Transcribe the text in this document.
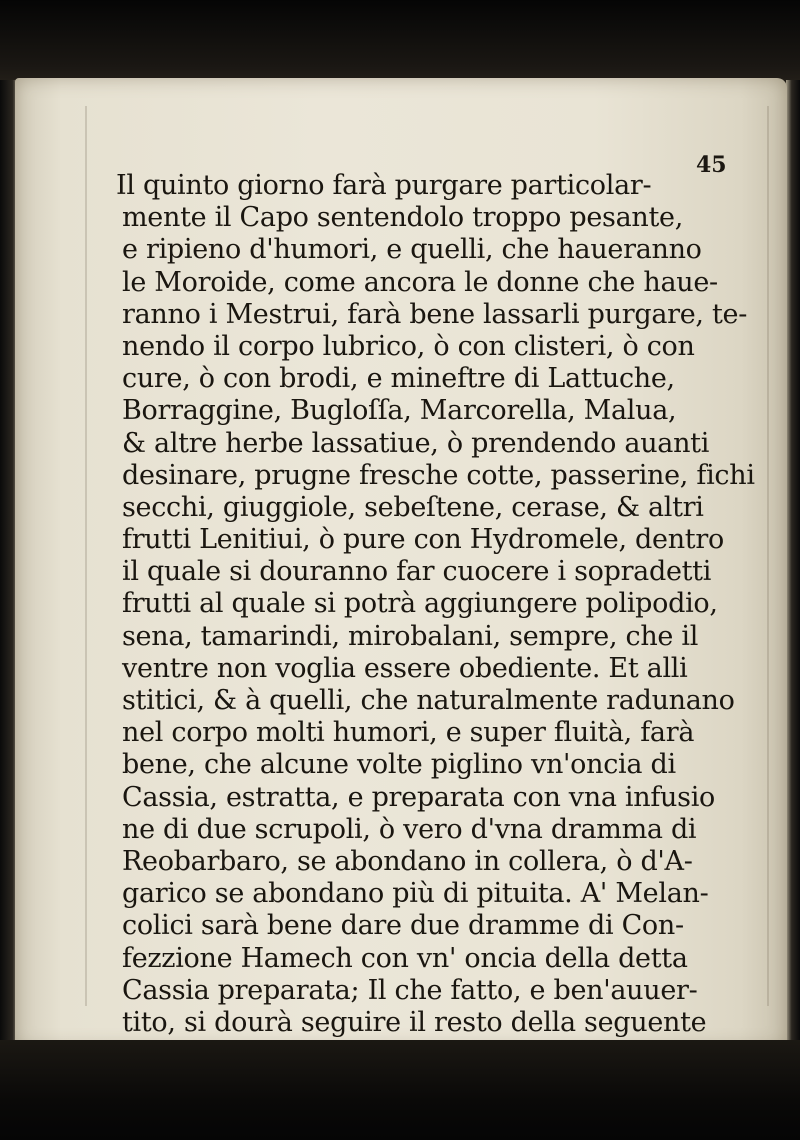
45
Il quinto giorno farà purgare particolar-
mente il Capo sentendolo troppo pesante,
e ripieno d'humori, e quelli, che haueranno
le Moroide, come ancora le donne che haue-
ranno i Mestrui, farà bene lassarli purgare, te-
nendo il corpo lubrico, ò con clisteri, ò con
cure, ò con brodi, e mineftre di Lattuche,
Borraggine, Bugloſſa, Marcorella, Malua,
& altre herbe lassatiue, ò prendendo auanti
desinare, prugne fresche cotte, passerine, fichi
secchi, giuggiole, sebeſtene, cerase, & altri
frutti Lenitiui, ò pure con Hydromele, dentro
il quale si douranno far cuocere i sopradetti
frutti al quale si potrà aggiungere polipodio,
sena, tamarindi, mirobalani, sempre, che il
ventre non voglia essere obediente. Et alli
stitici, & à quelli, che naturalmente radunano
nel corpo molti humori, e super fluità, farà
bene, che alcune volte piglino vn'oncia di
Cassia, estratta, e preparata con vna infusio
ne di due scrupoli, ò vero d'vna dramma di
Reobarbaro, se abondano in collera, ò d'A-
garico se abondano più di pituita. A' Melan-
colici sarà bene dare due dramme di Con-
fezzione Hamech con vn' oncia della detta
Cassia preparata; Il che fatto, e ben'auuer-
tito, si dourà seguire il resto della seguente
